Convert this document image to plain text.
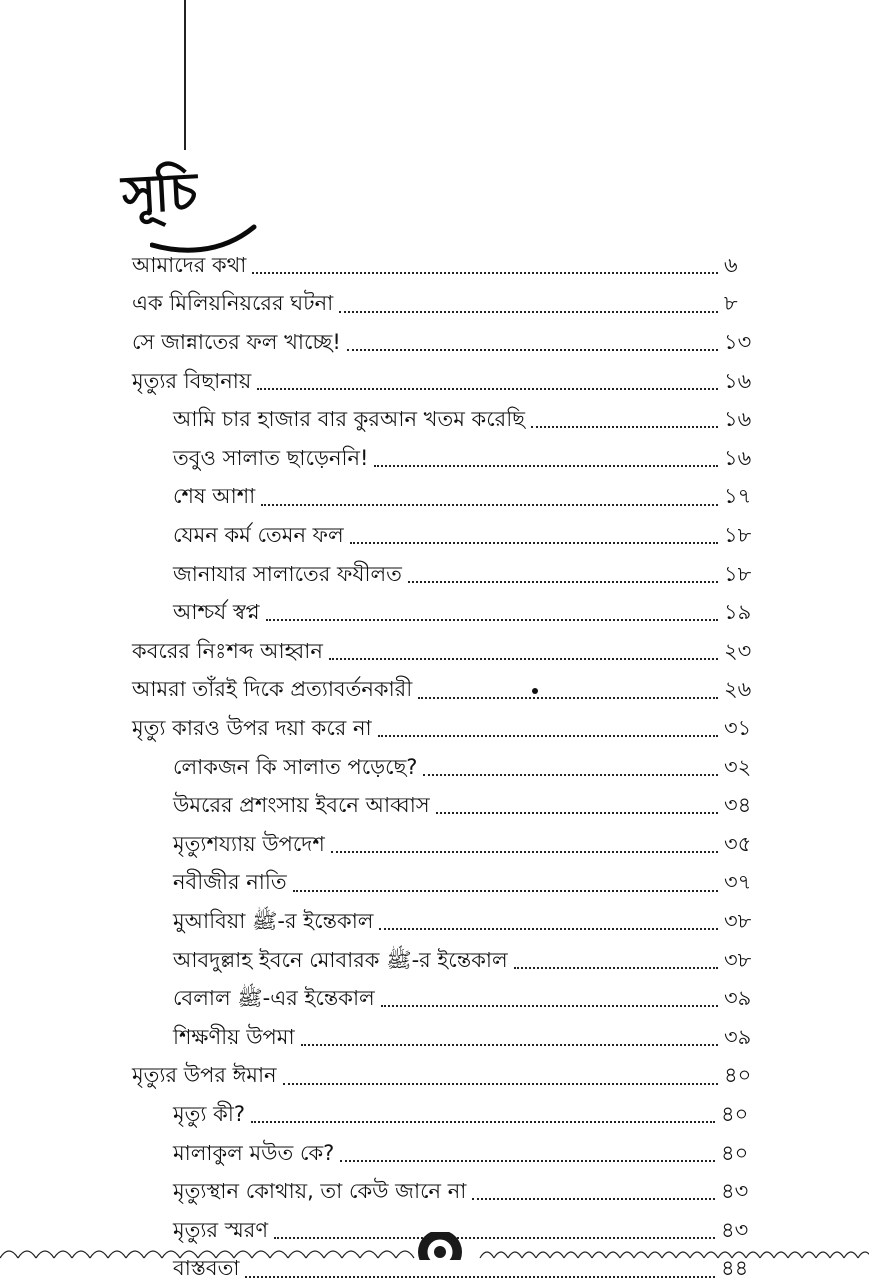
সূচি
আমাদের কথা	৬
এক মিলিয়নিয়রের ঘটনা	৮
সে জান্নাতের ফল খাচ্ছে!	১৩
মৃত্যুর বিছানায়	১৬
আমি চার হাজার বার কুরআন খতম করেছি	১৬
তবুও সালাত ছাড়েননি!	১৬
শেষ আশা	১৭
যেমন কর্ম তেমন ফল	১৮
জানাযার সালাতের ফযীলত	১৮
আশ্চর্য স্বপ্ন	১৯
কবরের নিঃশব্দ আহ্বান	২৩
আমরা তাঁরই দিকে প্রত্যাবর্তনকারী	২৬
মৃত্যু কারও উপর দয়া করে না	৩১
লোকজন কি সালাত পড়েছে?	৩২
উমরের প্রশংসায় ইবনে আব্বাস	৩৪
মৃত্যুশয্যায় উপদেশ	৩৫
নবীজীর নাতি	৩৭
মুআবিয়া ﷺ-র ইন্তেকাল	৩৮
আবদুল্লাহ ইবনে মোবারক ﷺ-র ইন্তেকাল	৩৮
বেলাল ﷺ-এর ইন্তেকাল	৩৯
শিক্ষণীয় উপমা	৩৯
মৃত্যুর উপর ঈমান	৪০
মৃত্যু কী?	৪০
মালাকুল মউত কে?	৪০
মৃত্যুস্থান কোথায়, তা কেউ জানে না	৪৩
মৃত্যুর স্মরণ	৪৩
বাস্তবতা	৪৪
